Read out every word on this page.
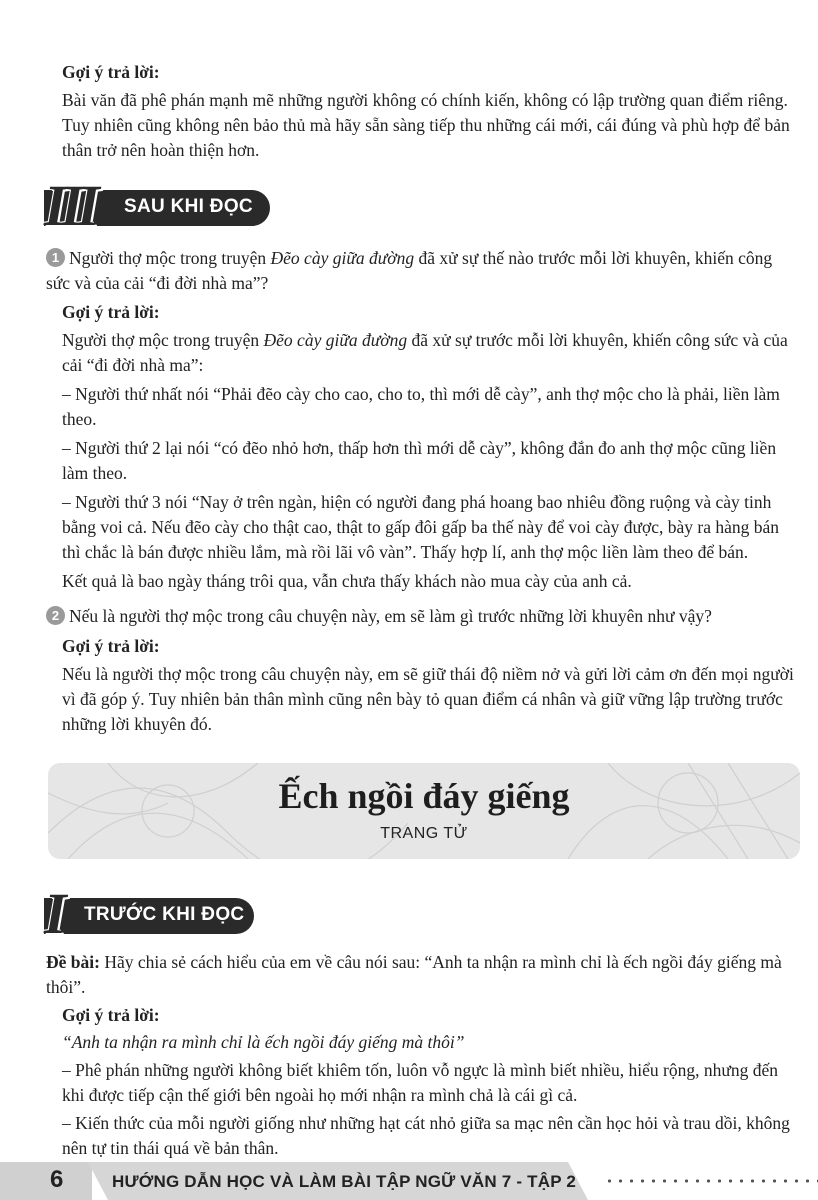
Gợi ý trả lời:

Bài văn đã phê phán mạnh mẽ những người không có chính kiến, không có lập trường quan điểm riêng. Tuy nhiên cũng không nên bảo thủ mà hãy sẵn sàng tiếp thu những cái mới, cái đúng và phù hợp để bản thân trở nên hoàn thiện hơn.

III SAU KHI ĐỌC

1 Người thợ mộc trong truyện Đẽo cày giữa đường đã xử sự thế nào trước mỗi lời khuyên, khiến công sức và của cải “đi đời nhà ma”?

Gợi ý trả lời:

Người thợ mộc trong truyện Đẽo cày giữa đường đã xử sự trước mỗi lời khuyên, khiến công sức và của cải “đi đời nhà ma”:

– Người thứ nhất nói “Phải đẽo cày cho cao, cho to, thì mới dễ cày”, anh thợ mộc cho là phải, liền làm theo.

– Người thứ 2 lại nói “có đẽo nhỏ hơn, thấp hơn thì mới dễ cày”, không đắn đo anh thợ mộc cũng liền làm theo.

– Người thứ 3 nói “Nay ở trên ngàn, hiện có người đang phá hoang bao nhiêu đồng ruộng và cày tinh bằng voi cả. Nếu đẽo cày cho thật cao, thật to gấp đôi gấp ba thế này để voi cày được, bày ra hàng bán thì chắc là bán được nhiều lắm, mà rồi lãi vô vàn”. Thấy hợp lí, anh thợ mộc liền làm theo để bán.

Kết quả là bao ngày tháng trôi qua, vẫn chưa thấy khách nào mua cày của anh cả.

2 Nếu là người thợ mộc trong câu chuyện này, em sẽ làm gì trước những lời khuyên như vậy?

Gợi ý trả lời:

Nếu là người thợ mộc trong câu chuyện này, em sẽ giữ thái độ niềm nở và gửi lời cảm ơn đến mọi người vì đã góp ý. Tuy nhiên bản thân mình cũng nên bày tỏ quan điểm cá nhân và giữ vững lập trường trước những lời khuyên đó.

Ếch ngồi đáy giếng
TRANG TỬ
I TRƯỚC KHI ĐỌC

Đề bài: Hãy chia sẻ cách hiểu của em về câu nói sau: “Anh ta nhận ra mình chỉ là ếch ngồi đáy giếng mà thôi”.

Gợi ý trả lời:

“Anh ta nhận ra mình chỉ là ếch ngồi đáy giếng mà thôi”

– Phê phán những người không biết khiêm tốn, luôn vỗ ngực là mình biết nhiều, hiểu rộng, nhưng đến khi được tiếp cận thế giới bên ngoài họ mới nhận ra mình chả là cái gì cả.

– Kiến thức của mỗi người giống như những hạt cát nhỏ giữa sa mạc nên cần học hỏi và trau dồi, không nên tự tin thái quá về bản thân.

6	HƯỚNG DẪN HỌC VÀ LÀM BÀI TẬP NGỮ VĂN 7 - TẬP 2
